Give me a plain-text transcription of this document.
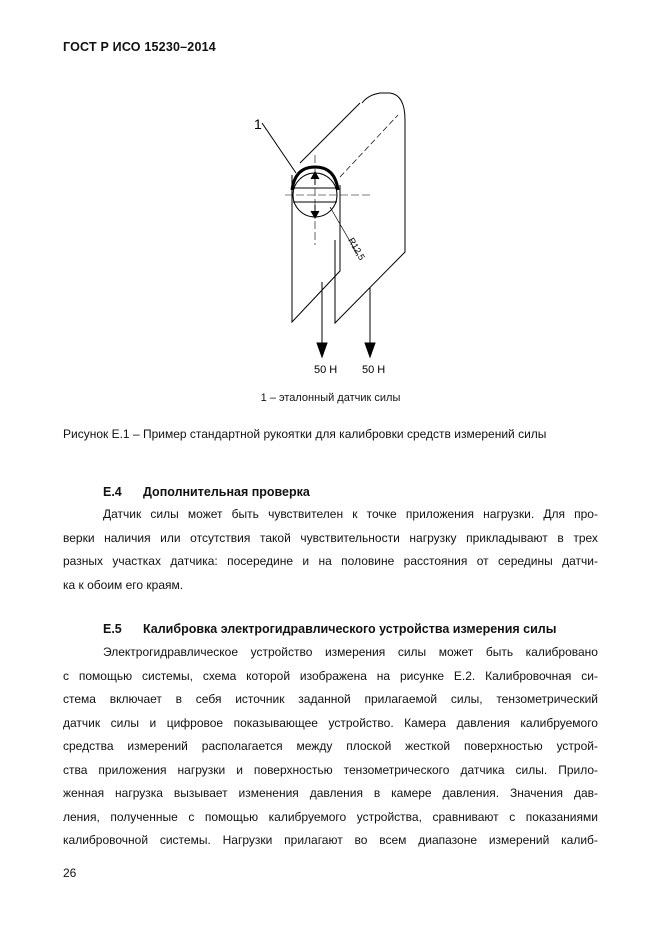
ГОСТ Р ИСО 15230–2014
1
R12,5
50 H 50 H
1 – эталонный датчик силы
Рисунок Е.1 – Пример стандартной рукоятки для калибровки средств измерений силы
Е.4 Дополнительная проверка
Датчик силы может быть чувствителен к точке приложения нагрузки. Для про-
верки наличия или отсутствия такой чувствительности нагрузку прикладывают в трех
разных участках датчика: посередине и на половине расстояния от середины датчи-
ка к обоим его краям.
Е.5 Калибровка электрогидравлического устройства измерения силы
Электрогидравлическое устройство измерения силы может быть калибровано
с помощью системы, схема которой изображена на рисунке Е.2. Калибровочная си-
стема включает в себя источник заданной прилагаемой силы, тензометрический
датчик силы и цифровое показывающее устройство. Камера давления калибруемого
средства измерений располагается между плоской жесткой поверхностью устрой-
ства приложения нагрузки и поверхностью тензометрического датчика силы. Прило-
женная нагрузка вызывает изменения давления в камере давления. Значения дав-
ления, полученные с помощью калибруемого устройства, сравнивают с показаниями
калибровочной системы. Нагрузки прилагают во всем диапазоне измерений калиб-
26
